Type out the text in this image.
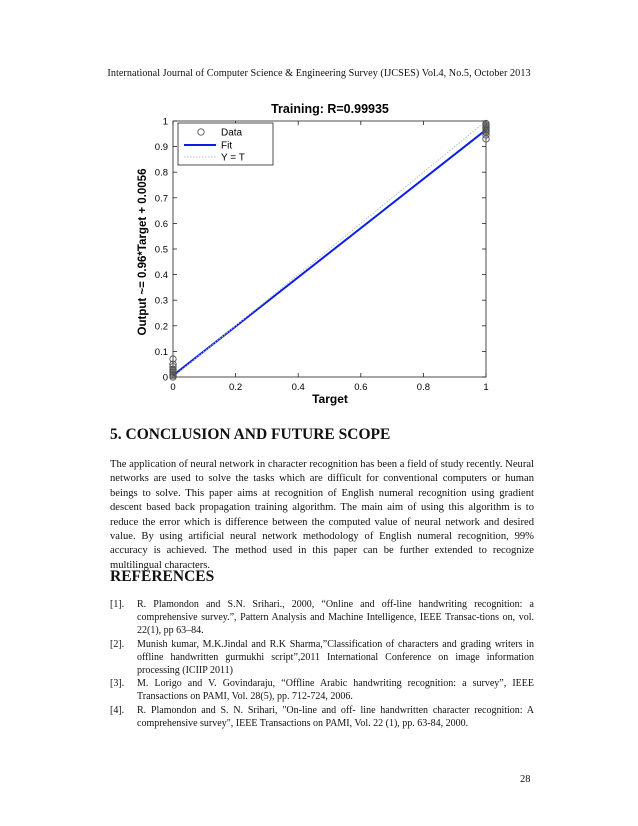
International Journal of Computer Science & Engineering Survey (IJCSES) Vol.4, No.5, October 2013
Training: R=0.99935
0
0.1
0.2
0.3
0.4
0.5
0.6
0.7
0.8
0.9
1
0	0.2	0.4	0.6	0.8	1
Target
Output ~= 0.96*Target + 0.0056
Data
Fit
Y = T
5. CONCLUSION AND FUTURE SCOPE

The application of neural network in character recognition has been a field of study recently. Neural networks are used to solve the tasks which are difficult for conventional computers or human beings to solve. This paper aims at recognition of English numeral recognition using gradient descent based back propagation training algorithm. The main aim of using this algorithm is to reduce the error which is difference between the computed value of neural network and desired value. By using artificial neural network methodology of English numeral recognition, 99% accuracy is achieved. The method used in this paper can be further extended to recognize multilingual characters.

REFERENCES
[1]. R. Plamondon and S.N. Srihari., 2000, “Online and off-line handwriting recognition: a comprehensive survey.”, Pattern Analysis and Machine Intelligence, IEEE Transac-tions on, vol. 22(1), pp 63–84.
[2]. Munish kumar, M.K.Jindal and R.K Sharma,”Classification of characters and grading writers in offline handwritten gurmukhi script”,2011 International Conference on image information processing (ICIIP 2011)
[3]. M. Lorigo and V. Govindaraju, “Offline Arabic handwriting recognition: a survey”, IEEE Transactions on PAMI, Vol. 28(5), pp. 712-724, 2006.
[4]. R. Plamondon and S. N. Srihari, "On-line and off- line handwritten character recognition: A comprehensive survey", IEEE Transactions on PAMI, Vol. 22 (1), pp. 63-84, 2000.
28
